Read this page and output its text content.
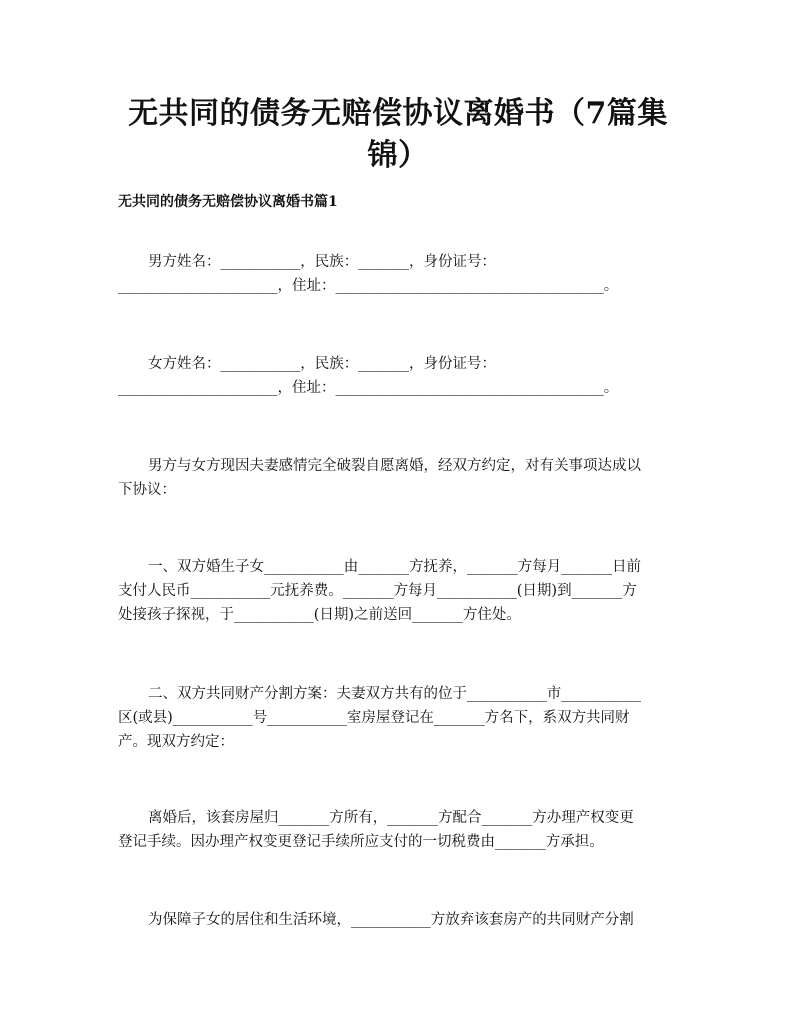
无共同的债务无赔偿协议离婚书（7篇集
锦）
无共同的债务无赔偿协议离婚书篇1
男方姓名：___________，民族：_______，身份证号：
______________________，住址：_____________________________________。
女方姓名：___________，民族：_______，身份证号：
______________________，住址：_____________________________________。
男方与女方现因夫妻感情完全破裂自愿离婚，经双方约定，对有关事项达成以
下协议：
一、双方婚生子女___________由_______方抚养，_______方每月_______日前
支付人民币___________元抚养费。_______方每月___________(日期)到_______方
处接孩子探视，于___________(日期)之前送回_______方住处。
二、双方共同财产分割方案：夫妻双方共有的位于___________市___________
区(或县)___________号___________室房屋登记在_______方名下，系双方共同财
产。现双方约定：
离婚后，该套房屋归_______方所有，_______方配合_______方办理产权变更
登记手续。因办理产权变更登记手续所应支付的一切税费由_______方承担。
为保障子女的居住和生活环境，___________方放弃该套房产的共同财产分割
